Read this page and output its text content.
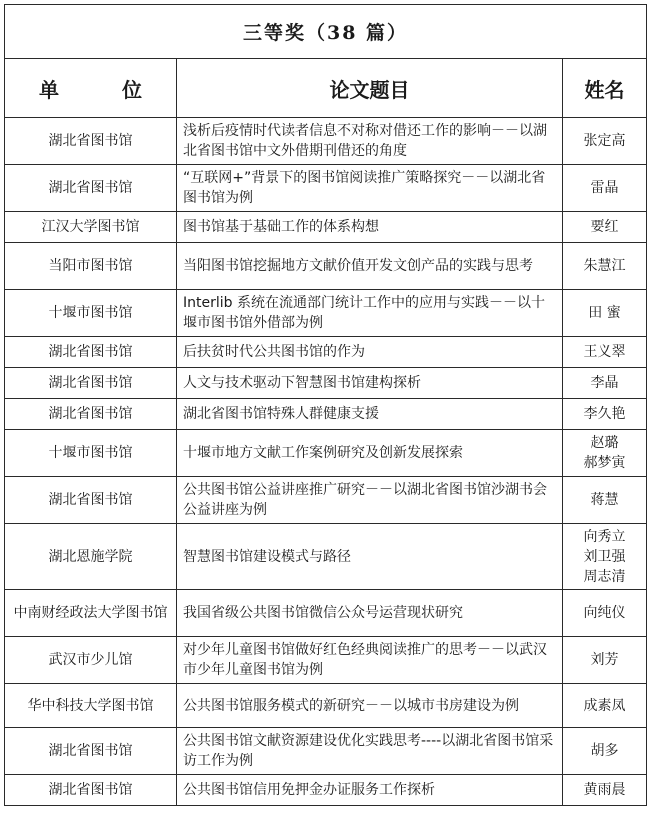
三等奖（38 篇）		
单 位	论文题目	姓名
湖北省图书馆	浅析后疫情时代读者信息不对称对借还工作的影响－－以湖北省图书馆中文外借期刊借还的角度	张定高

湖北省图书馆	“互联网+”背景下的图书馆阅读推广策略探究－－以湖北省图书馆为例	雷晶

江汉大学图书馆	图书馆基于基础工作的体系构想	要红

当阳市图书馆	当阳图书馆挖掘地方文献价值开发文创产品的实践与思考	朱慧江

十堰市图书馆	Interlib 系统在流通部门统计工作中的应用与实践－－以十堰市图书馆外借部为例	田 蜜

湖北省图书馆	后扶贫时代公共图书馆的作为	王义翠

湖北省图书馆	人文与技术驱动下智慧图书馆建构探析	李晶

湖北省图书馆	湖北省图书馆特殊人群健康支援	李久艳

十堰市图书馆	十堰市地方文献工作案例研究及创新发展探索	赵璐
郝梦寅

湖北省图书馆	公共图书馆公益讲座推广研究－－以湖北省图书馆沙湖书会公益讲座为例	蒋慧

湖北恩施学院	智慧图书馆建设模式与路径	向秀立
刘卫强
周志清

中南财经政法大学图书馆	我国省级公共图书馆微信公众号运营现状研究	向纯仪

武汉市少儿馆	对少年儿童图书馆做好红色经典阅读推广的思考－－以武汉市少年儿童图书馆为例	刘芳

华中科技大学图书馆	公共图书馆服务模式的新研究－－以城市书房建设为例	成素凤

湖北省图书馆	公共图书馆文献资源建设优化实践思考----以湖北省图书馆采访工作为例	胡多

湖北省图书馆	公共图书馆信用免押金办证服务工作探析	黄雨晨
